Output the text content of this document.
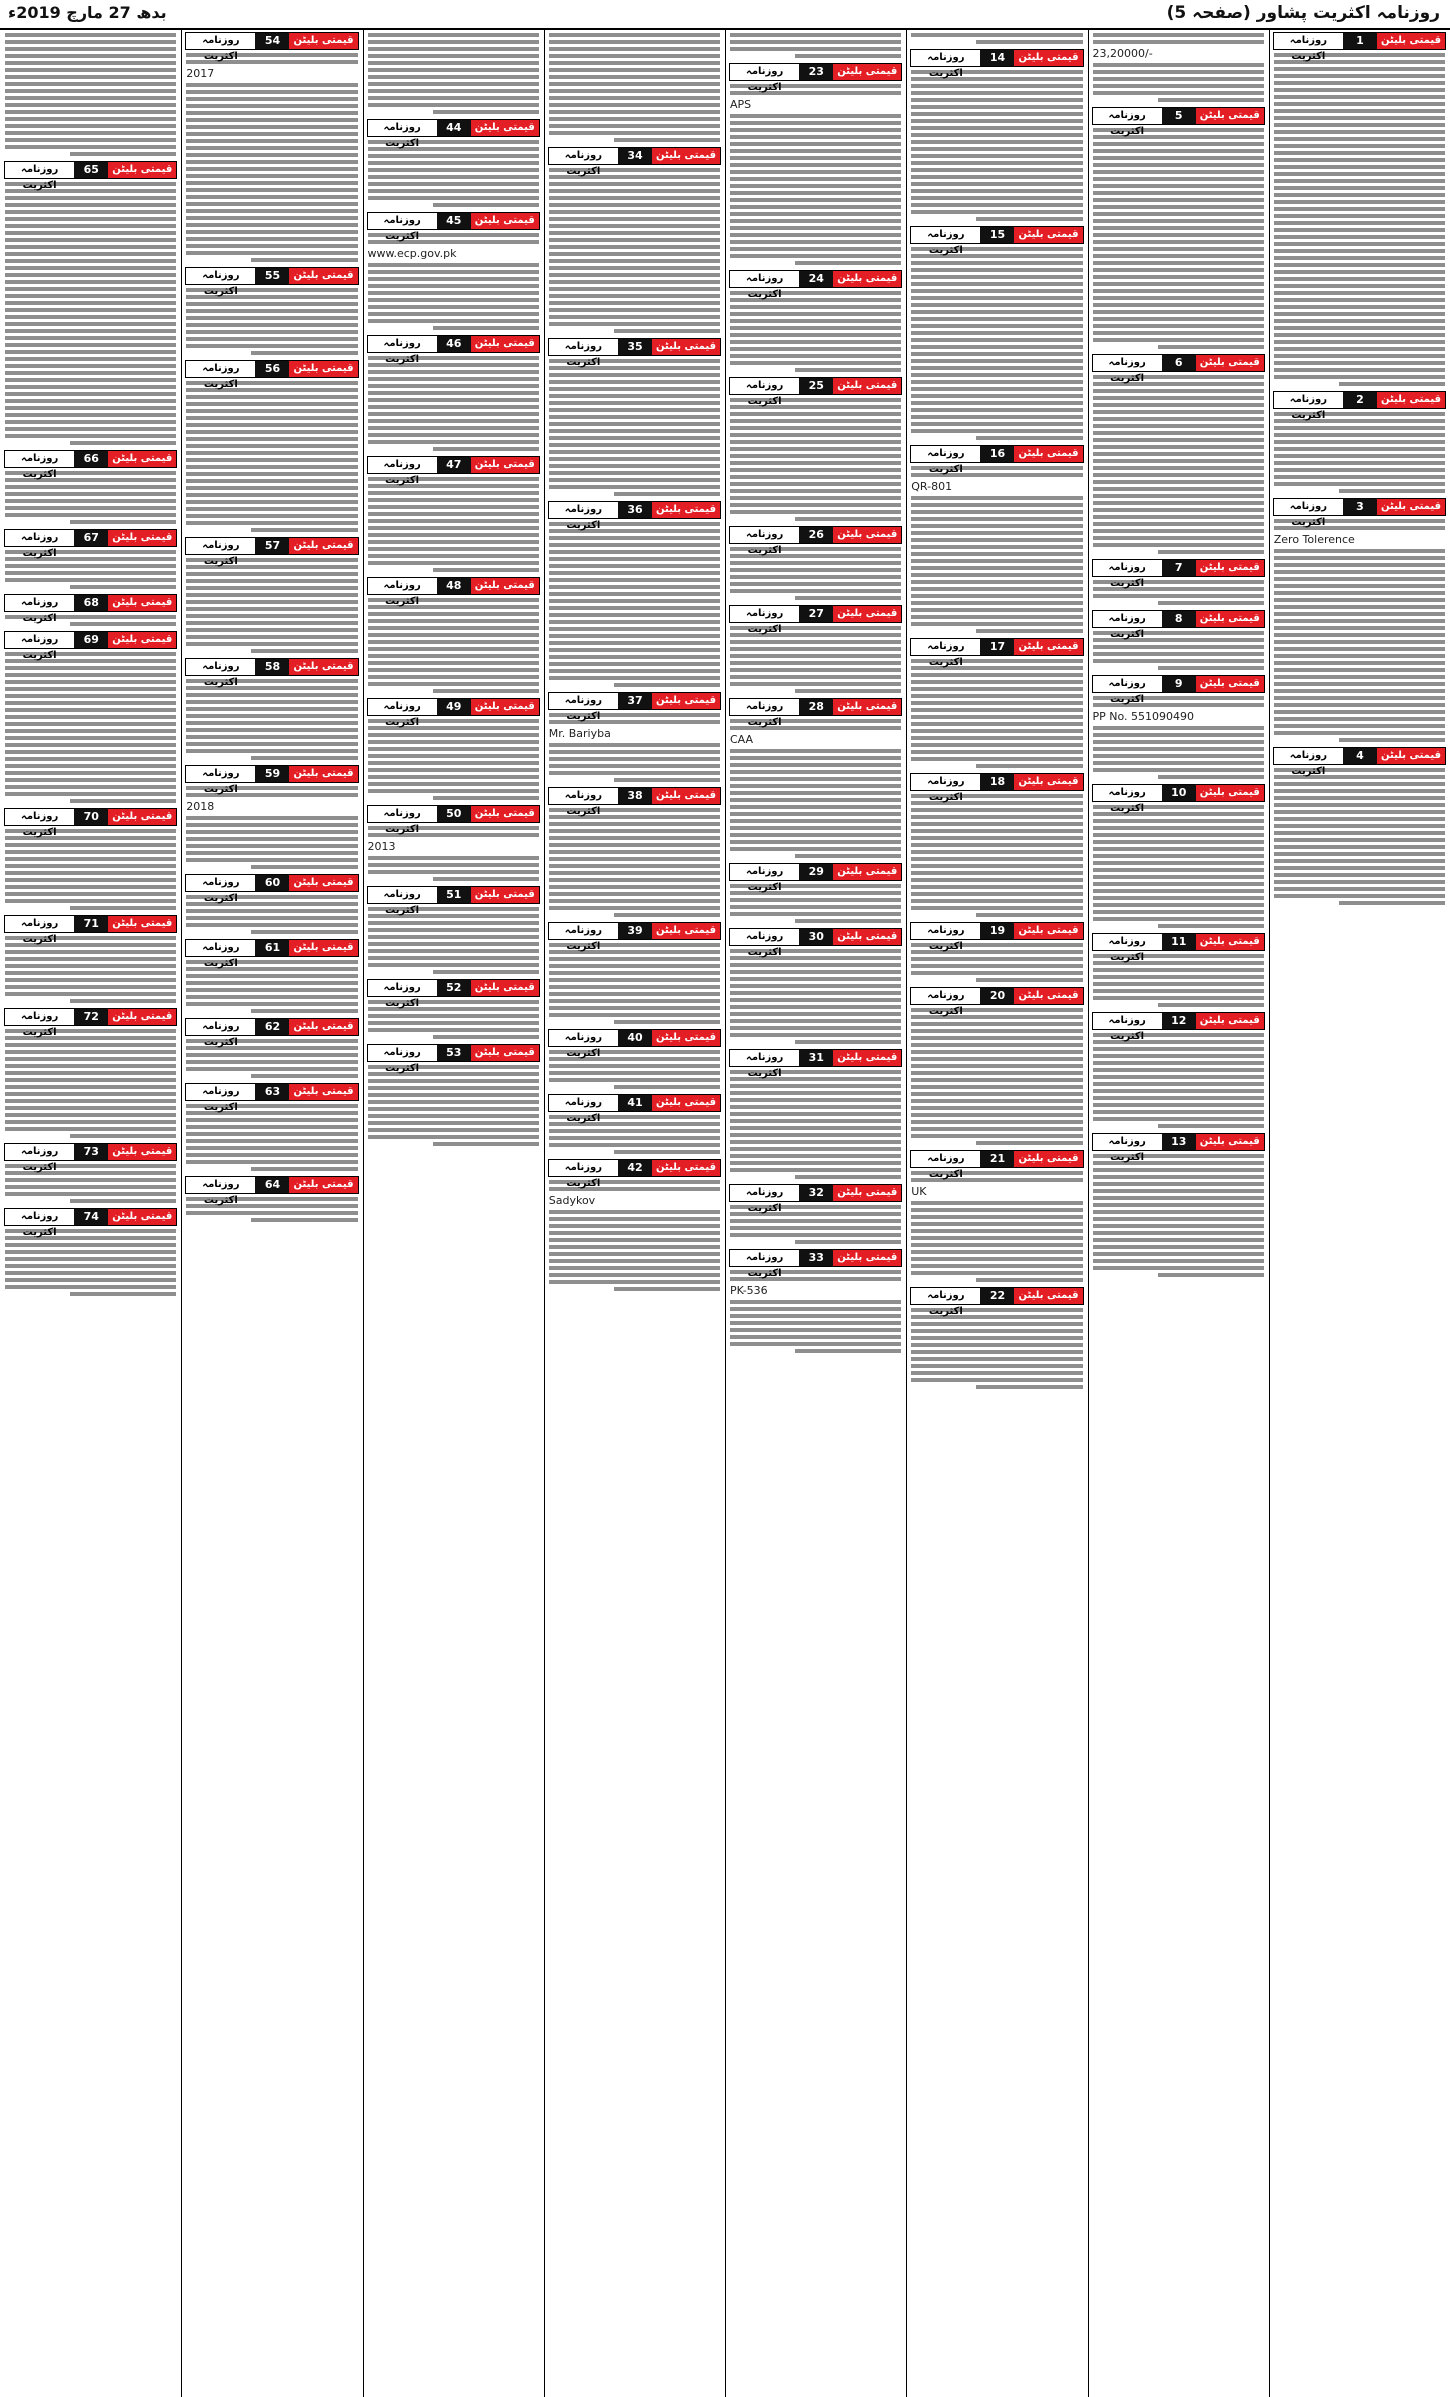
روزنامہ اکثریت پشاور (صفحہ 5)
بدھ 27 مارچ 2019ء
قیمتی بلیٹن
1
روزنامہ اکثریت
قیمتی بلیٹن
2
روزنامہ اکثریت
قیمتی بلیٹن
3
روزنامہ اکثریت
Zero Tolerence
قیمتی بلیٹن
4
روزنامہ اکثریت
23,20000/-
قیمتی بلیٹن
5
روزنامہ اکثریت
قیمتی بلیٹن
6
روزنامہ اکثریت
قیمتی بلیٹن
7
روزنامہ اکثریت
قیمتی بلیٹن
8
روزنامہ اکثریت
قیمتی بلیٹن
9
روزنامہ اکثریت
PP No. 551090490
قیمتی بلیٹن
10
روزنامہ اکثریت
قیمتی بلیٹن
11
روزنامہ اکثریت
قیمتی بلیٹن
12
روزنامہ اکثریت
قیمتی بلیٹن
13
روزنامہ اکثریت
قیمتی بلیٹن
14
روزنامہ اکثریت
قیمتی بلیٹن
15
روزنامہ اکثریت
قیمتی بلیٹن
16
روزنامہ اکثریت
QR-801
قیمتی بلیٹن
17
روزنامہ اکثریت
قیمتی بلیٹن
18
روزنامہ اکثریت
قیمتی بلیٹن
19
روزنامہ اکثریت
قیمتی بلیٹن
20
روزنامہ اکثریت
قیمتی بلیٹن
21
روزنامہ اکثریت
UK
قیمتی بلیٹن
22
روزنامہ اکثریت
قیمتی بلیٹن
23
روزنامہ اکثریت
APS
قیمتی بلیٹن
24
روزنامہ اکثریت
قیمتی بلیٹن
25
روزنامہ اکثریت
قیمتی بلیٹن
26
روزنامہ اکثریت
قیمتی بلیٹن
27
روزنامہ اکثریت
قیمتی بلیٹن
28
روزنامہ اکثریت
CAA
قیمتی بلیٹن
29
روزنامہ اکثریت
قیمتی بلیٹن
30
روزنامہ اکثریت
قیمتی بلیٹن
31
روزنامہ اکثریت
قیمتی بلیٹن
32
روزنامہ اکثریت
قیمتی بلیٹن
33
روزنامہ اکثریت
PK-536
قیمتی بلیٹن
34
روزنامہ اکثریت
قیمتی بلیٹن
35
روزنامہ اکثریت
قیمتی بلیٹن
36
روزنامہ اکثریت
قیمتی بلیٹن
37
روزنامہ اکثریت
Mr. Bariyba
قیمتی بلیٹن
38
روزنامہ اکثریت
قیمتی بلیٹن
39
روزنامہ اکثریت
قیمتی بلیٹن
40
روزنامہ اکثریت
قیمتی بلیٹن
41
روزنامہ اکثریت
قیمتی بلیٹن
42
روزنامہ اکثریت
Sadykov
قیمتی بلیٹن
44
روزنامہ اکثریت
قیمتی بلیٹن
45
روزنامہ اکثریت
www.ecp.gov.pk
قیمتی بلیٹن
46
روزنامہ اکثریت
قیمتی بلیٹن
47
روزنامہ اکثریت
قیمتی بلیٹن
48
روزنامہ اکثریت
قیمتی بلیٹن
49
روزنامہ اکثریت
قیمتی بلیٹن
50
روزنامہ اکثریت
2013
قیمتی بلیٹن
51
روزنامہ اکثریت
قیمتی بلیٹن
52
روزنامہ اکثریت
قیمتی بلیٹن
53
روزنامہ اکثریت
قیمتی بلیٹن
54
روزنامہ اکثریت
2017
قیمتی بلیٹن
55
روزنامہ اکثریت
قیمتی بلیٹن
56
روزنامہ اکثریت
قیمتی بلیٹن
57
روزنامہ اکثریت
قیمتی بلیٹن
58
روزنامہ اکثریت
قیمتی بلیٹن
59
روزنامہ اکثریت
2018
قیمتی بلیٹن
60
روزنامہ اکثریت
قیمتی بلیٹن
61
روزنامہ اکثریت
قیمتی بلیٹن
62
روزنامہ اکثریت
قیمتی بلیٹن
63
روزنامہ اکثریت
قیمتی بلیٹن
64
روزنامہ اکثریت
قیمتی بلیٹن
65
روزنامہ اکثریت
قیمتی بلیٹن
66
روزنامہ اکثریت
قیمتی بلیٹن
67
روزنامہ اکثریت
قیمتی بلیٹن
68
روزنامہ اکثریت
قیمتی بلیٹن
69
روزنامہ اکثریت
قیمتی بلیٹن
70
روزنامہ اکثریت
قیمتی بلیٹن
71
روزنامہ اکثریت
قیمتی بلیٹن
72
روزنامہ اکثریت
قیمتی بلیٹن
73
روزنامہ اکثریت
قیمتی بلیٹن
74
روزنامہ اکثریت
